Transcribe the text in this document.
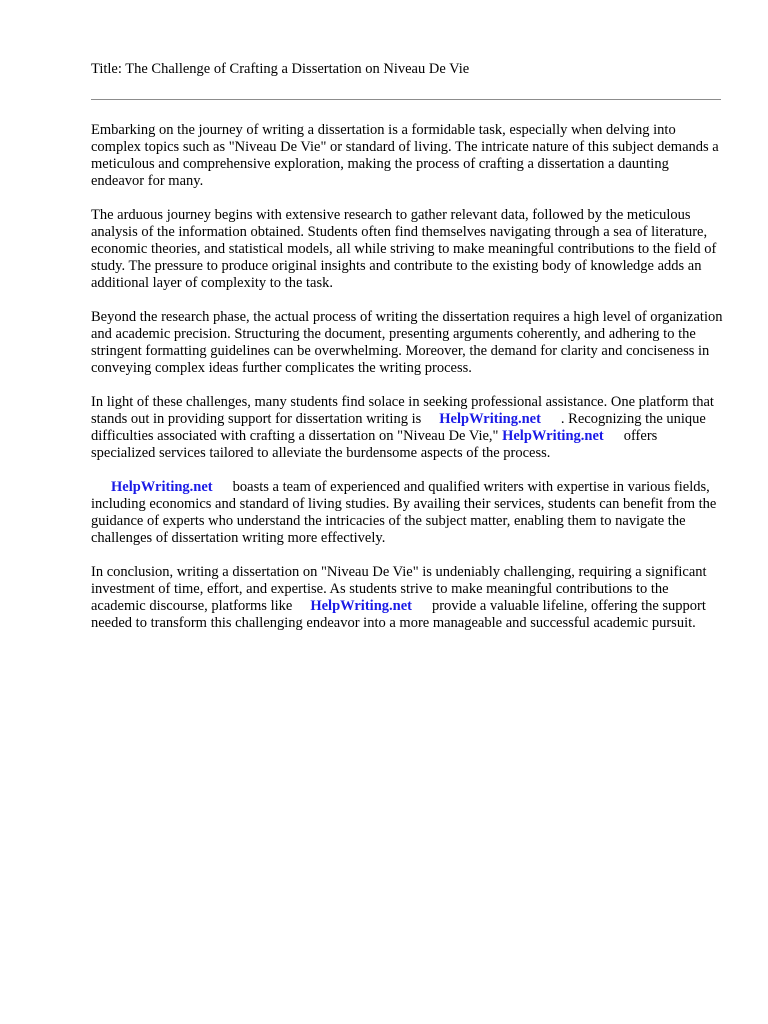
Title: The Challenge of Crafting a Dissertation on Niveau De Vie

Embarking on the journey of writing a dissertation is a formidable task, especially when delving into complex topics such as "Niveau De Vie" or standard of living. The intricate nature of this subject demands a meticulous and comprehensive exploration, making the process of crafting a dissertation a daunting endeavor for many.

The arduous journey begins with extensive research to gather relevant data, followed by the meticulous analysis of the information obtained. Students often find themselves navigating through a sea of literature, economic theories, and statistical models, all while striving to make meaningful contributions to the field of study. The pressure to produce original insights and contribute to the existing body of knowledge adds an additional layer of complexity to the task.

Beyond the research phase, the actual process of writing the dissertation requires a high level of organization and academic precision. Structuring the document, presenting arguments coherently, and adhering to the stringent formatting guidelines can be overwhelming. Moreover, the demand for clarity and conciseness in conveying complex ideas further complicates the writing process.

In light of these challenges, many students find solace in seeking professional assistance. One platform that stands out in providing support for dissertation writing is HelpWriting.net . Recognizing the unique difficulties associated with crafting a dissertation on "Niveau De Vie," HelpWriting.net offers specialized services tailored to alleviate the burdensome aspects of the process.

HelpWriting.net boasts a team of experienced and qualified writers with expertise in various fields, including economics and standard of living studies. By availing their services, students can benefit from the guidance of experts who understand the intricacies of the subject matter, enabling them to navigate the challenges of dissertation writing more effectively.

In conclusion, writing a dissertation on "Niveau De Vie" is undeniably challenging, requiring a significant investment of time, effort, and expertise. As students strive to make meaningful contributions to the academic discourse, platforms like HelpWriting.net provide a valuable lifeline, offering the support needed to transform this challenging endeavor into a more manageable and successful academic pursuit.
